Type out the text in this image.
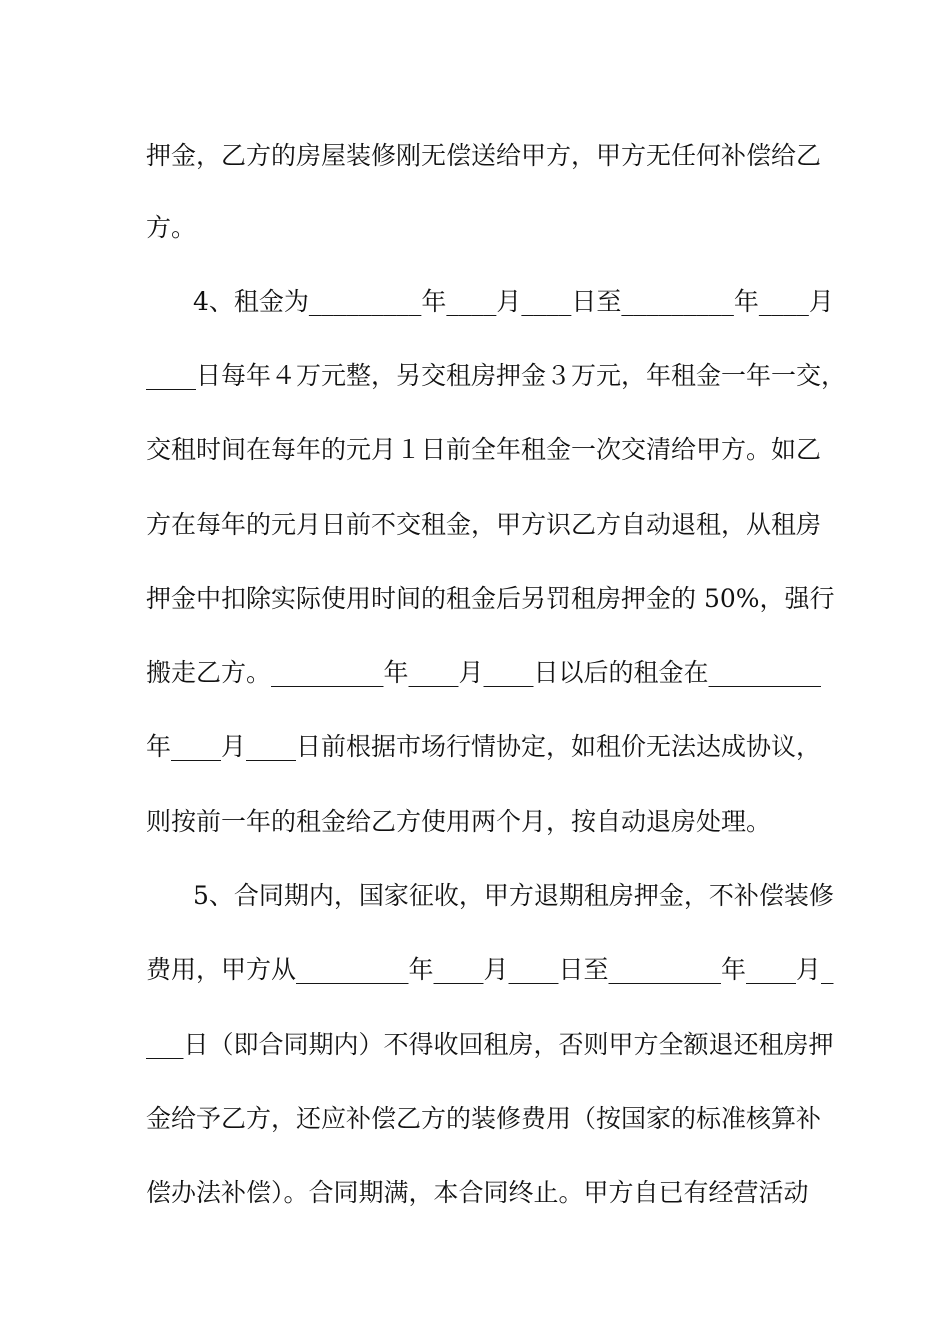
押金，乙方的房屋装修刚无偿送给甲方，甲方无任何补偿给乙
方。
4、租金为_________年____月____日至_________年____月
____日每年４万元整，另交租房押金３万元，年租金一年一交，
交租时间在每年的元月１日前全年租金一次交清给甲方。如乙
方在每年的元月日前不交租金，甲方识乙方自动退租，从租房
押金中扣除实际使用时间的租金后另罚租房押金的 50%，强行
搬走乙方。_________年____月____日以后的租金在_________
年____月____日前根据市场行情协定，如租价无法达成协议，
则按前一年的租金给乙方使用两个月，按自动退房处理。
5、合同期内，国家征收，甲方退期租房押金，不补偿装修
费用，甲方从_________年____月____日至_________年____月_
___日（即合同期内）不得收回租房，否则甲方全额退还租房押
金给予乙方，还应补偿乙方的装修费用（按国家的标准核算补
偿办法补偿）。合同期满，本合同终止。甲方自已有经营活动
